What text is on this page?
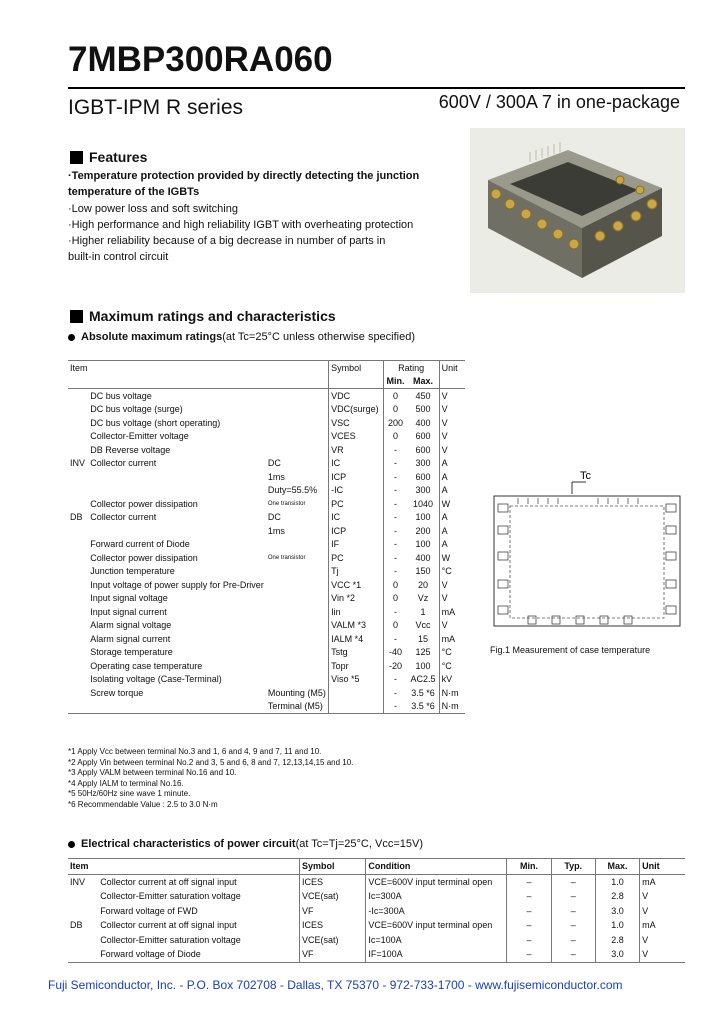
7MBP300RA060
IGBT-IPM R series	600V / 300A 7 in one-package
Features
·Temperature protection provided by directly detecting the junction
temperature of the IGBTs
·Low power loss and soft switching
·High performance and high reliability IGBT with overheating protection
·Higher reliability because of a big decrease in number of parts in
built-in control circuit
Maximum ratings and characteristics
Absolute maximum ratings (at Tc=25°C unless otherwise specified)
Item			Symbol	Rating		Unit
				Min.	Max.	
	DC bus voltage		VDC	0	450	V
	DC bus voltage (surge)		VDC(surge)	0	500	V
	DC bus voltage (short operating)		VSC	200	400	V
	Collector-Emitter voltage		VCES	0	600	V
	DB Reverse voltage		VR	-	600	V
INV	Collector current	DC	IC	-	300	A
		1ms	ICP	-	600	A
		Duty=55.5%	-IC	-	300	A
	Collector power dissipation	One transistor	PC	-	1040	W
DB	Collector current	DC	IC	-	100	A
		1ms	ICP	-	200	A
	Forward current of Diode		IF	-	100	A
	Collector power dissipation	One transistor	PC	-	400	W
	Junction temperature		Tj	-	150	°C
	Input voltage of power supply for Pre-Driver		VCC *1	0	20	V
	Input signal voltage		Vin *2	0	Vz	V
	Input signal current		Iin	-	1	mA
	Alarm signal voltage		VALM *3	0	Vcc	V
	Alarm signal current		IALM *4	-	15	mA
	Storage temperature		Tstg	-40	125	°C
	Operating case temperature		Topr	-20	100	°C
	Isolating voltage (Case-Terminal)		Viso *5	-	AC2.5	kV
	Screw torque	Mounting (M5)		-	3.5 *6	N·m
		Terminal (M5)		-	3.5 *6	N·m
*1 Apply Vcc between terminal No.3 and 1, 6 and 4, 9 and 7, 11 and 10.
*2 Apply Vin between terminal No.2 and 3, 5 and 6, 8 and 7, 12,13,14,15 and 10.
*3 Apply VALM between terminal No.16 and 10.
*4 Apply IALM to terminal No.16.
*5 50Hz/60Hz sine wave 1 minute.
*6 Recommendable Value : 2.5 to 3.0 N·m
Tc
Fig.1 Measurement of case temperature
Electrical characteristics of power circuit (at Tc=Tj=25°C, Vcc=15V)
Item		Symbol	Condition	Min.	Typ.	Max.	Unit
INV	Collector current at off signal input	ICES	VCE=600V input terminal open	–	–	1.0	mA
	Collector-Emitter saturation voltage	VCE(sat)	Ic=300A	–	–	2.8	V
	Forward voltage of FWD	VF	-Ic=300A	–	–	3.0	V
DB	Collector current at off signal input	ICES	VCE=600V input terminal open	–	–	1.0	mA
	Collector-Emitter saturation voltage	VCE(sat)	Ic=100A	–	–	2.8	V
	Forward voltage of Diode	VF	IF=100A	–	–	3.0	V
Fuji Semiconductor, Inc. - P.O. Box 702708 - Dallas, TX 75370 - 972-733-1700 - www.fujisemiconductor.com
